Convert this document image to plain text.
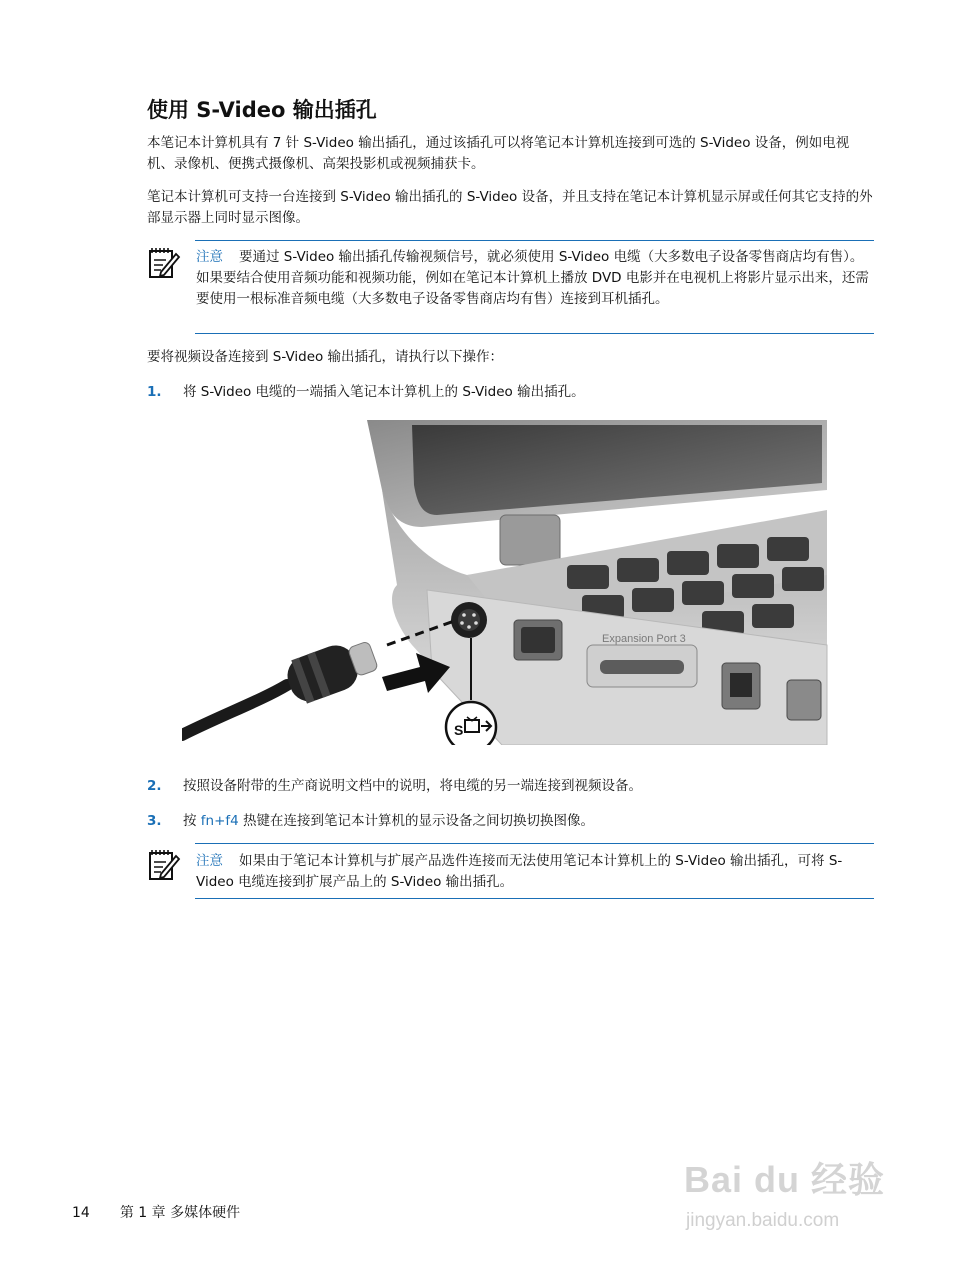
使用 S-Video 输出插孔

本笔记本计算机具有 7 针 S-Video 输出插孔，通过该插孔可以将笔记本计算机连接到可选的 S-Video 设备，例如电视机、录像机、便携式摄像机、高架投影机或视频捕获卡。

笔记本计算机可支持一台连接到 S-Video 输出插孔的 S-Video 设备，并且支持在笔记本计算机显示屏或任何其它支持的外部显示器上同时显示图像。

注意 要通过 S-Video 输出插孔传输视频信号，就必须使用 S-Video 电缆（大多数电子设备零售商店均有售）。如果要结合使用音频功能和视频功能，例如在笔记本计算机上播放 DVD 电影并在电视机上将影片显示出来，还需要使用一根标准音频电缆（大多数电子设备零售商店均有售）连接到耳机插孔。

要将视频设备连接到 S-Video 输出插孔，请执行以下操作：

1. 将 S-Video 电缆的一端插入笔记本计算机上的 S-Video 输出插孔。
Expansion Port 3
S
2. 按照设备附带的生产商说明文档中的说明，将电缆的另一端连接到视频设备。
3. 按 fn+f4 热键在连接到笔记本计算机的显示设备之间切换切换图像。
注意 如果由于笔记本计算机与扩展产品选件连接而无法使用笔记本计算机上的 S-Video 输出插孔，可将 S-Video 电缆连接到扩展产品上的 S-Video 输出插孔。
14 第 1 章 多媒体硬件
Bai du 经验
jingyan.baidu.com
